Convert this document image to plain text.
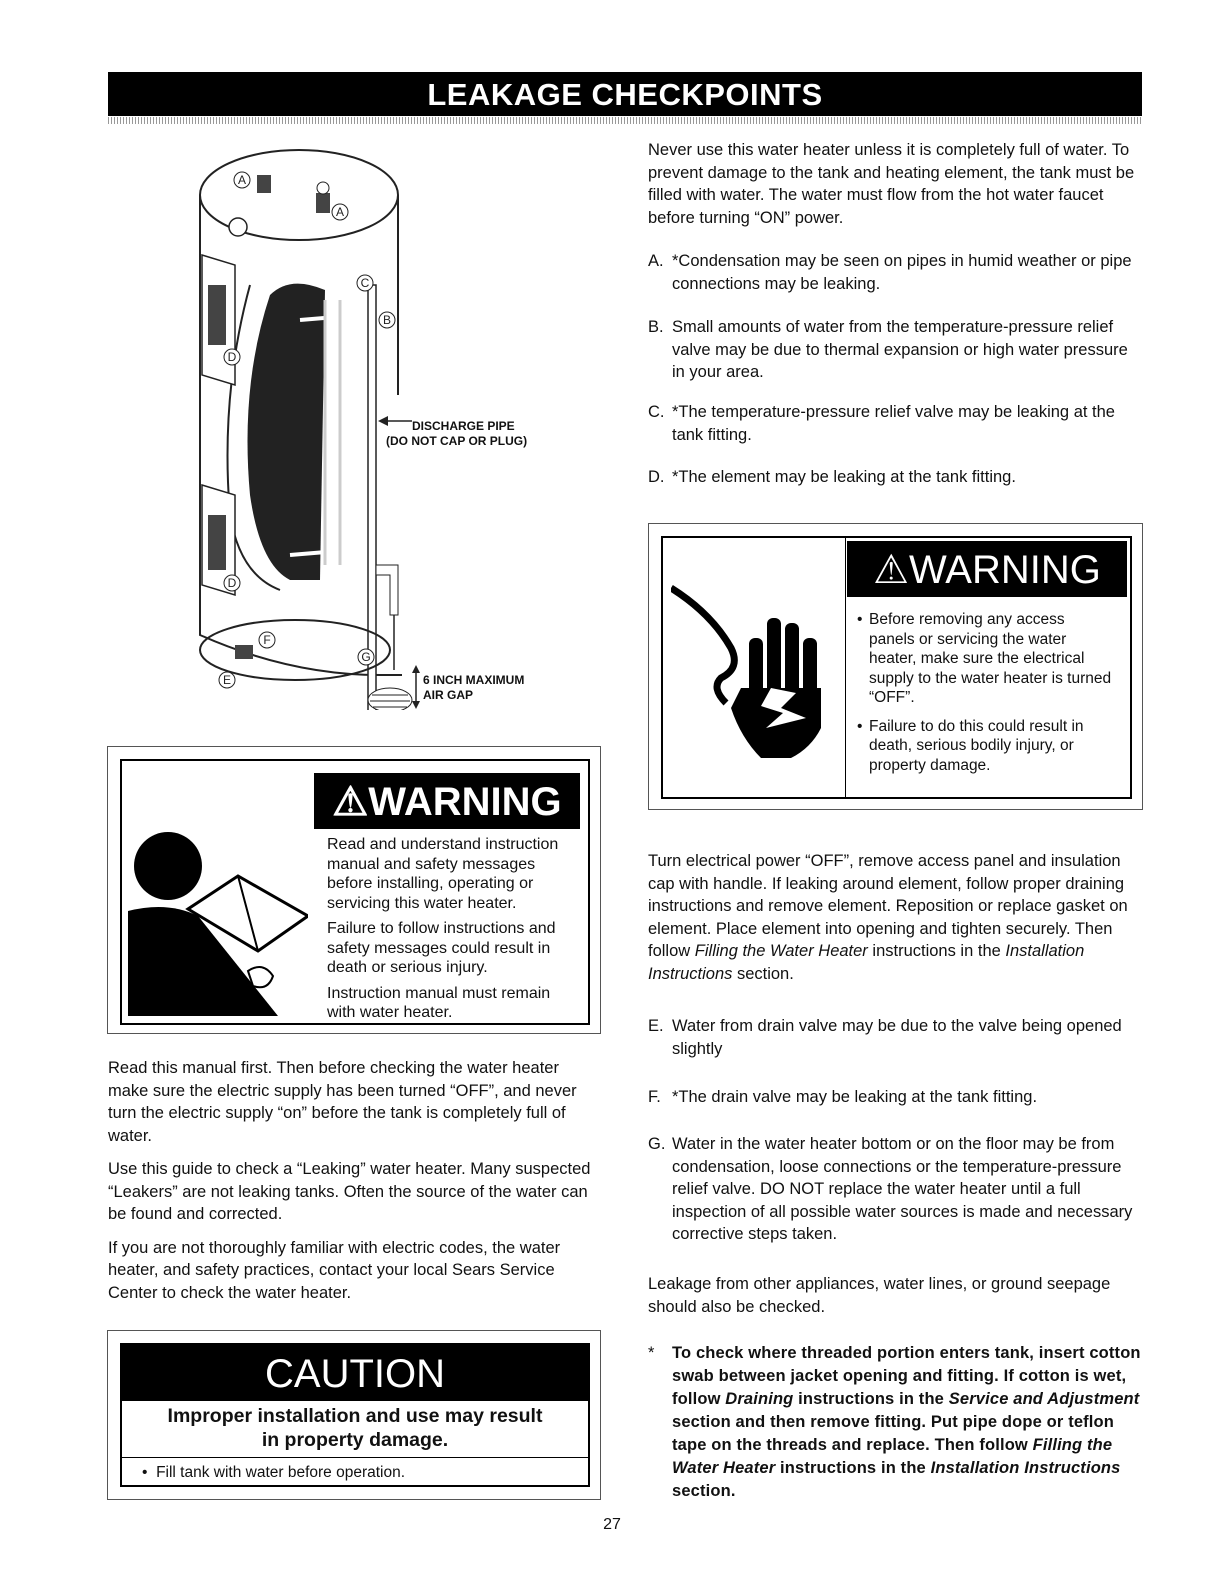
LEAKAGE CHECKPOINTS
A
A
C
B
D
D
F
G
E
DISCHARGE PIPE
(DO NOT CAP OR PLUG)
6 INCH MAXIMUM
AIR GAP
⚠WARNING

Read and understand instruction manual and safety messages before installing, operating or servicing this water heater.

Failure to follow instructions and safety messages could result in death or serious injury.

Instruction manual must remain with water heater.

Read this manual first. Then before checking the water heater make sure the electric supply has been turned “OFF”, and never turn the electric supply “on” before the tank is completely full of water.

Use this guide to check a “Leaking” water heater. Many suspected “Leakers” are not leaking tanks. Often the source of the water can be found and corrected.

If you are not thoroughly familiar with electric codes, the water heater, and safety practices, contact your local Sears Service Center to check the water heater.

CAUTION
Improper installation and use may result
in property damage.
• Fill tank with water before operation.
Never use this water heater unless it is completely full of water. To prevent damage to the tank and heating element, the tank must be filled with water. The water must flow from the hot water faucet before turning “ON” power.
A. *Condensation may be seen on pipes in humid weather or pipe connections may be leaking.
B. Small amounts of water from the temperature-pressure relief valve may be due to thermal expansion or high water pressure in your area.
C. *The temperature-pressure relief valve may be leaking at the tank fitting.
D. *The element may be leaking at the tank fitting.
⚠WARNING
• Before removing any access panels or servicing the water heater, make sure the electrical supply to the water heater is turned “OFF”.
• Failure to do this could result in death, serious bodily injury, or property damage.
Turn electrical power “OFF”, remove access panel and insulation cap with handle. If leaking around element, follow proper draining instructions and remove element. Reposition or replace gasket on element. Place element into opening and tighten securely. Then follow Filling the Water Heater instructions in the Installation Instructions section.
E. Water from drain valve may be due to the valve being opened slightly
F. *The drain valve may be leaking at the tank fitting.
G. Water in the water heater bottom or on the floor may be from condensation, loose connections or the temperature-pressure relief valve. DO NOT replace the water heater until a full inspection of all possible water sources is made and necessary corrective steps taken.
Leakage from other appliances, water lines, or ground seepage should also be checked.
* To check where threaded portion enters tank, insert cotton swab between jacket opening and fitting. If cotton is wet, follow Draining instructions in the Service and Adjustment section and then remove fitting. Put pipe dope or teflon tape on the threads and replace. Then follow Filling the Water Heater instructions in the Installation Instructions section.
27
